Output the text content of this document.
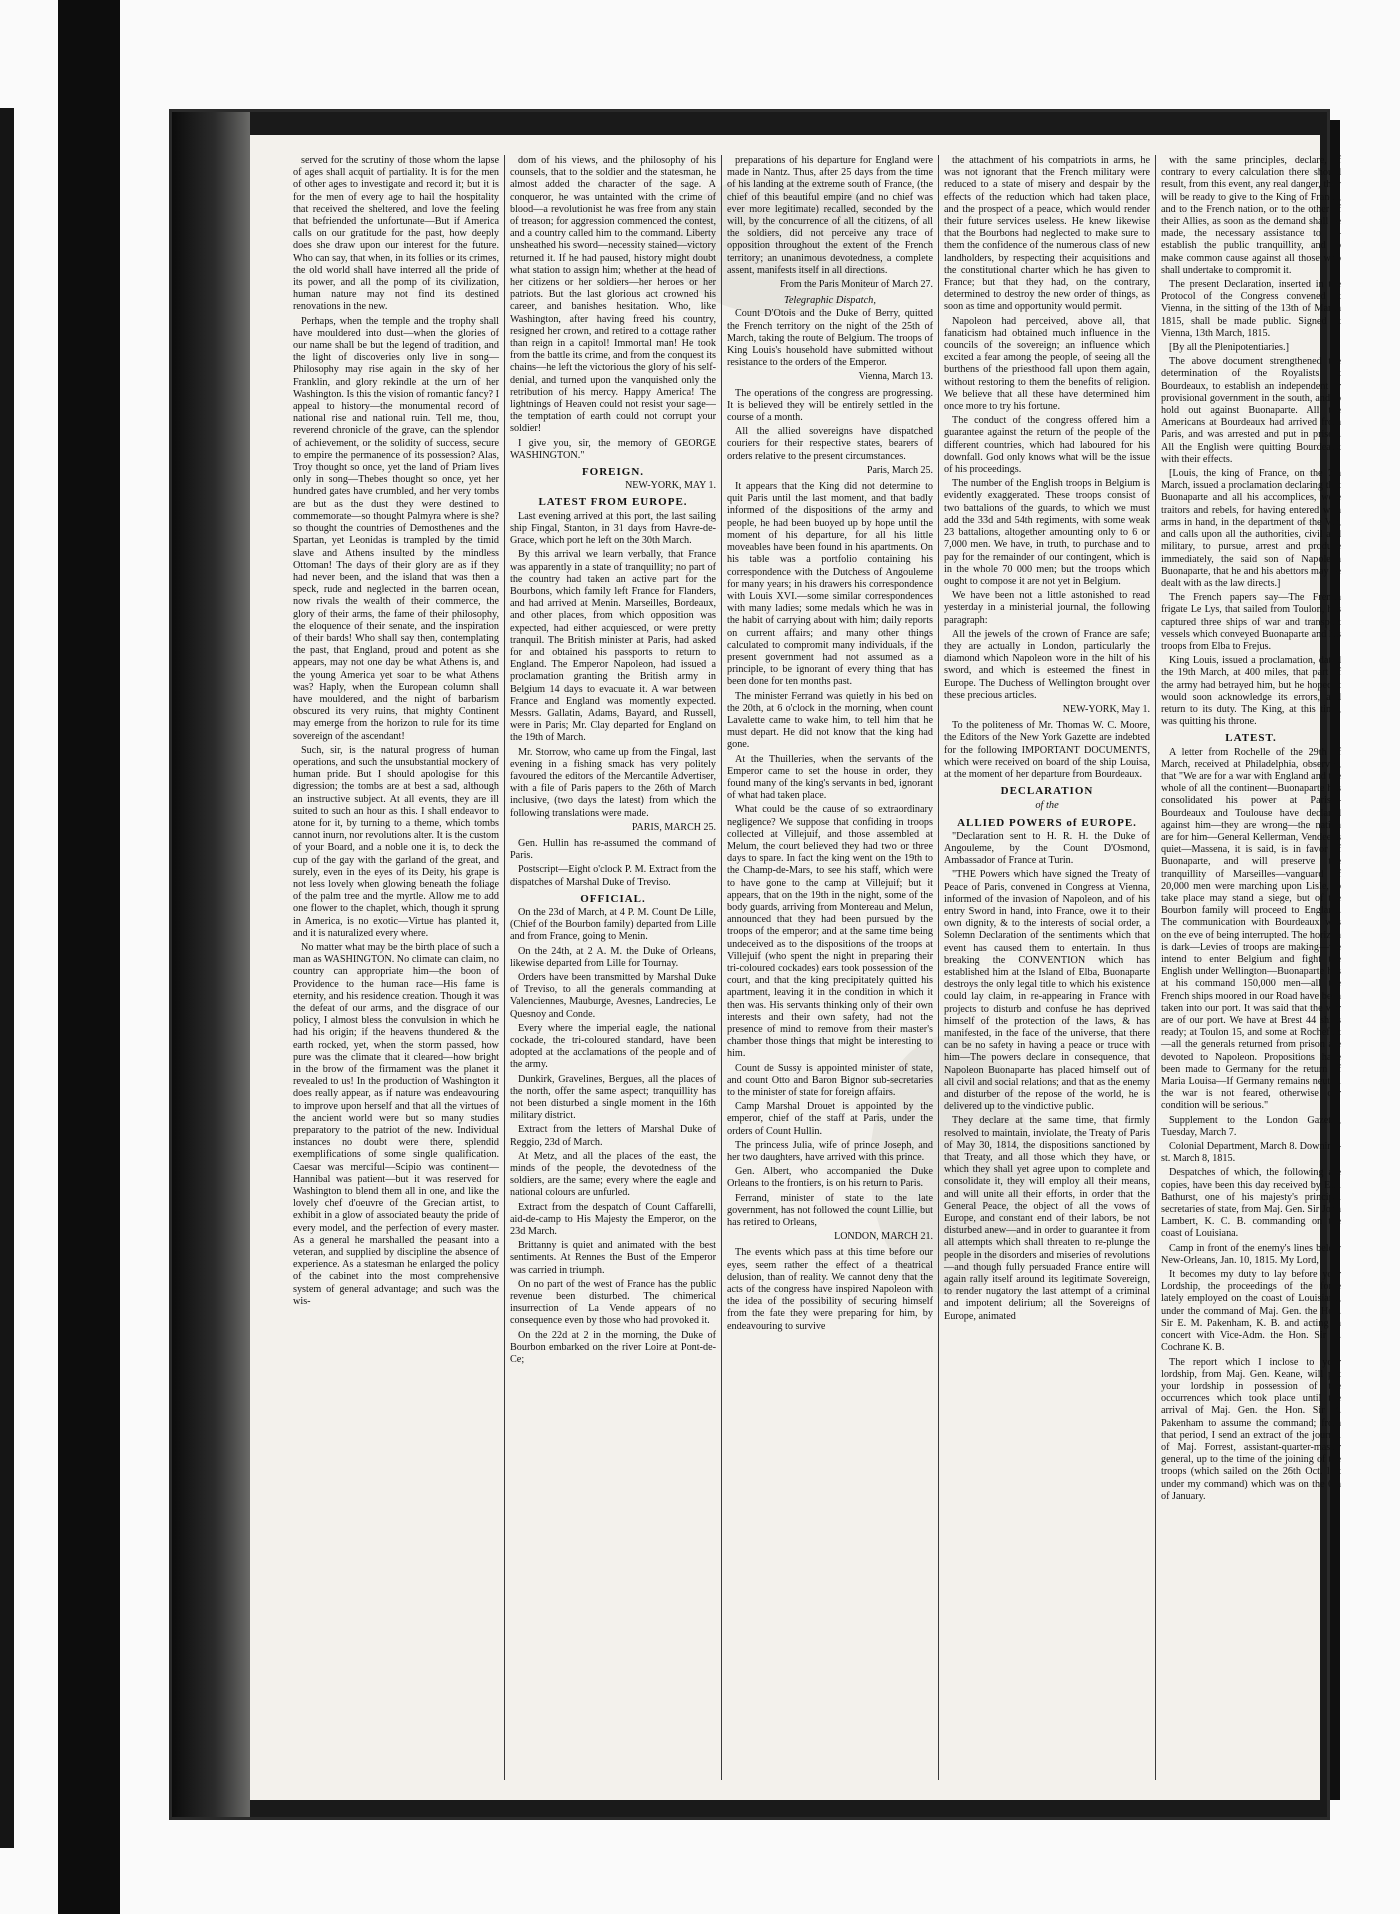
served for the scrutiny of those whom the lapse of ages shall acquit of partiality. It is for the men of other ages to investigate and record it; but it is for the men of every age to hail the hospitality that received the sheltered, and love the feeling that befriended the unfortunate—But if America calls on our gratitude for the past, how deeply does she draw upon our interest for the future. Who can say, that when, in its follies or its crimes, the old world shall have interred all the pride of its power, and all the pomp of its civilization, human nature may not find its destined renovations in the new.

Perhaps, when the temple and the trophy shall have mouldered into dust—when the glories of our name shall be but the legend of tradition, and the light of discoveries only live in song—Philosophy may rise again in the sky of her Franklin, and glory rekindle at the urn of her Washington. Is this the vision of romantic fancy? I appeal to history—the monumental record of national rise and national ruin. Tell me, thou, reverend chronicle of the grave, can the splendor of achievement, or the solidity of success, secure to empire the permanence of its possession? Alas, Troy thought so once, yet the land of Priam lives only in song—Thebes thought so once, yet her hundred gates have crumbled, and her very tombs are but as the dust they were destined to commemorate—so thought Palmyra where is she? so thought the countries of Demosthenes and the Spartan, yet Leonidas is trampled by the timid slave and Athens insulted by the mindless Ottoman! The days of their glory are as if they had never been, and the island that was then a speck, rude and neglected in the barren ocean, now rivals the wealth of their commerce, the glory of their arms, the fame of their philosophy, the eloquence of their senate, and the inspiration of their bards! Who shall say then, contemplating the past, that England, proud and potent as she appears, may not one day be what Athens is, and the young America yet soar to be what Athens was? Haply, when the European column shall have mouldered, and the night of barbarism obscured its very ruins, that mighty Continent may emerge from the horizon to rule for its time sovereign of the ascendant!

Such, sir, is the natural progress of human operations, and such the unsubstantial mockery of human pride. But I should apologise for this digression; the tombs are at best a sad, although an instructive subject. At all events, they are ill suited to such an hour as this. I shall endeavor to atone for it, by turning to a theme, which tombs cannot inurn, nor revolutions alter. It is the custom of your Board, and a noble one it is, to deck the cup of the gay with the garland of the great, and surely, even in the eyes of its Deity, his grape is not less lovely when glowing beneath the foliage of the palm tree and the myrtle. Allow me to add one flower to the chaplet, which, though it sprung in America, is no exotic—Virtue has planted it, and it is naturalized every where.

No matter what may be the birth place of such a man as WASHINGTON. No climate can claim, no country can appropriate him—the boon of Providence to the human race—His fame is eternity, and his residence creation. Though it was the defeat of our arms, and the disgrace of our policy, I almost bless the convulsion in which he had his origin; if the heavens thundered & the earth rocked, yet, when the storm passed, how pure was the climate that it cleared—how bright in the brow of the firmament was the planet it revealed to us! In the production of Washington it does really appear, as if nature was endeavouring to improve upon herself and that all the virtues of the ancient world were but so many studies preparatory to the patriot of the new. Individual instances no doubt were there, splendid exemplifications of some single qualification. Caesar was merciful—Scipio was continent—Hannibal was patient—but it was reserved for Washington to blend them all in one, and like the lovely chef d'oeuvre of the Grecian artist, to exhibit in a glow of associated beauty the pride of every model, and the perfection of every master. As a general he marshalled the peasant into a veteran, and supplied by discipline the absence of experience. As a statesman he enlarged the policy of the cabinet into the most comprehensive system of general advantage; and such was the wis-

dom of his views, and the philosophy of his counsels, that to the soldier and the statesman, he almost added the character of the sage. A conqueror, he was untainted with the crime of blood—a revolutionist he was free from any stain of treason; for aggression commenced the contest, and a country called him to the command. Liberty unsheathed his sword—necessity stained—victory returned it. If he had paused, history might doubt what station to assign him; whether at the head of her citizens or her soldiers—her heroes or her patriots. But the last glorious act crowned his career, and banishes hesitation. Who, like Washington, after having freed his country, resigned her crown, and retired to a cottage rather than reign in a capitol! Immortal man! He took from the battle its crime, and from the conquest its chains—he left the victorious the glory of his self-denial, and turned upon the vanquished only the retribution of his mercy. Happy America! The lightnings of Heaven could not resist your sage—the temptation of earth could not corrupt your soldier!

I give you, sir, the memory of GEORGE WASHINGTON."

FOREIGN.
NEW-YORK, MAY 1.
LATEST FROM EUROPE.

Last evening arrived at this port, the last sailing ship Fingal, Stanton, in 31 days from Havre-de-Grace, which port he left on the 30th March.

By this arrival we learn verbally, that France was apparently in a state of tranquillity; no part of the country had taken an active part for the Bourbons, which family left France for Flanders, and had arrived at Menin. Marseilles, Bordeaux, and other places, from which opposition was expected, had either acquiesced, or were pretty tranquil. The British minister at Paris, had asked for and obtained his passports to return to England. The Emperor Napoleon, had issued a proclamation granting the British army in Belgium 14 days to evacuate it. A war between France and England was momently expected. Messrs. Gallatin, Adams, Bayard, and Russell, were in Paris; Mr. Clay departed for England on the 19th of March.

Mr. Storrow, who came up from the Fingal, last evening in a fishing smack has very politely favoured the editors of the Mercantile Advertiser, with a file of Paris papers to the 26th of March inclusive, (two days the latest) from which the following translations were made.

PARIS, MARCH 25.

Gen. Hullin has re-assumed the command of Paris.

Postscript—Eight o'clock P. M. Extract from the dispatches of Marshal Duke of Treviso.

OFFICIAL.

On the 23d of March, at 4 P. M. Count De Lille, (Chief of the Bourbon family) departed from Lille and from France, going to Menin.

On the 24th, at 2 A. M. the Duke of Orleans, likewise departed from Lille for Tournay.

Orders have been transmitted by Marshal Duke of Treviso, to all the generals commanding at Valenciennes, Mauburge, Avesnes, Landrecies, Le Quesnoy and Conde.

Every where the imperial eagle, the national cockade, the tri-coloured standard, have been adopted at the acclamations of the people and of the army.

Dunkirk, Gravelines, Bergues, all the places of the north, offer the same aspect; tranquillity has not been disturbed a single moment in the 16th military district.

Extract from the letters of Marshal Duke of Reggio, 23d of March.

At Metz, and all the places of the east, the minds of the people, the devotedness of the soldiers, are the same; every where the eagle and national colours are unfurled.

Extract from the despatch of Count Caffarelli, aid-de-camp to His Majesty the Emperor, on the 23d March.

Brittanny is quiet and animated with the best sentiments. At Rennes the Bust of the Emperor was carried in triumph.

On no part of the west of France has the public revenue been disturbed. The chimerical insurrection of La Vende appears of no consequence even by those who had provoked it.

On the 22d at 2 in the morning, the Duke of Bourbon embarked on the river Loire at Pont-de-Ce;

preparations of his departure for England were made in Nantz. Thus, after 25 days from the time of his landing at the extreme south of France, (the chief of this beautiful empire (and no chief was ever more legitimate) recalled, seconded by the will, by the concurrence of all the citizens, of all the soldiers, did not perceive any trace of opposition throughout the extent of the French territory; an unanimous devotedness, a complete assent, manifests itself in all directions.

From the Paris Moniteur of March 27.
Telegraphic Dispatch,

Count D'Otois and the Duke of Berry, quitted the French territory on the night of the 25th of March, taking the route of Belgium. The troops of King Louis's household have submitted without resistance to the orders of the Emperor.

Vienna, March 13.

The operations of the congress are progressing. It is believed they will be entirely settled in the course of a month.

All the allied sovereigns have dispatched couriers for their respective states, bearers of orders relative to the present circumstances.

Paris, March 25.

It appears that the King did not determine to quit Paris until the last moment, and that badly informed of the dispositions of the army and people, he had been buoyed up by hope until the moment of his departure, for all his little moveables have been found in his apartments. On his table was a portfolio containing his correspondence with the Dutchess of Angouleme for many years; in his drawers his correspondence with Louis XVI.—some similar correspondences with many ladies; some medals which he was in the habit of carrying about with him; daily reports on current affairs; and many other things calculated to compromit many individuals, if the present government had not assumed as a principle, to be ignorant of every thing that has been done for ten months past.

The minister Ferrand was quietly in his bed on the 20th, at 6 o'clock in the morning, when count Lavalette came to wake him, to tell him that he must depart. He did not know that the king had gone.

At the Thuilleries, when the servants of the Emperor came to set the house in order, they found many of the king's servants in bed, ignorant of what had taken place.

What could be the cause of so extraordinary negligence? We suppose that confiding in troops collected at Villejuif, and those assembled at Melum, the court believed they had two or three days to spare. In fact the king went on the 19th to the Champ-de-Mars, to see his staff, which were to have gone to the camp at Villejuif; but it appears, that on the 19th in the night, some of the body guards, arriving from Montereau and Melun, announced that they had been pursued by the troops of the emperor; and at the same time being undeceived as to the dispositions of the troops at Villejuif (who spent the night in preparing their tri-coloured cockades) ears took possession of the court, and that the king precipitately quitted his apartment, leaving it in the condition in which it then was. His servants thinking only of their own interests and their own safety, had not the presence of mind to remove from their master's chamber those things that might be interesting to him.

Count de Sussy is appointed minister of state, and count Otto and Baron Bignor sub-secretaries to the minister of state for foreign affairs.

Camp Marshal Drouet is appointed by the emperor, chief of the staff at Paris, under the orders of Count Hullin.

The princess Julia, wife of prince Joseph, and her two daughters, have arrived with this prince.

Gen. Albert, who accompanied the Duke Orleans to the frontiers, is on his return to Paris.

Ferrand, minister of state to the late government, has not followed the count Lillie, but has retired to Orleans,

LONDON, MARCH 21.

The events which pass at this time before our eyes, seem rather the effect of a theatrical delusion, than of reality. We cannot deny that the acts of the congress have inspired Napoleon with the idea of the possibility of securing himself from the fate they were preparing for him, by endeavouring to survive

the attachment of his compatriots in arms, he was not ignorant that the French military were reduced to a state of misery and despair by the effects of the reduction which had taken place, and the prospect of a peace, which would render their future services useless. He knew likewise that the Bourbons had neglected to make sure to them the confidence of the numerous class of new landholders, by respecting their acquisitions and the constitutional charter which he has given to France; but that they had, on the contrary, determined to destroy the new order of things, as soon as time and opportunity would permit.

Napoleon had perceived, above all, that fanaticism had obtained much influence in the councils of the sovereign; an influence which excited a fear among the people, of seeing all the burthens of the priesthood fall upon them again, without restoring to them the benefits of religion. We believe that all these have determined him once more to try his fortune.

The conduct of the congress offered him a guarantee against the return of the people of the different countries, which had laboured for his downfall. God only knows what will be the issue of his proceedings.

The number of the English troops in Belgium is evidently exaggerated. These troops consist of two battalions of the guards, to which we must add the 33d and 54th regiments, with some weak 23 battalions, altogether amounting only to 6 or 7,000 men. We have, in truth, to purchase and to pay for the remainder of our contingent, which is in the whole 70 000 men; but the troops which ought to compose it are not yet in Belgium.

We have been not a little astonished to read yesterday in a ministerial journal, the following paragraph:

All the jewels of the crown of France are safe; they are actually in London, particularly the diamond which Napoleon wore in the hilt of his sword, and which is esteemed the finest in Europe. The Duchess of Wellington brought over these precious articles.

NEW-YORK, May 1.

To the politeness of Mr. Thomas W. C. Moore, the Editors of the New York Gazette are indebted for the following IMPORTANT DOCUMENTS, which were received on board of the ship Louisa, at the moment of her departure from Bourdeaux.

DECLARATION
of the
ALLIED POWERS of EUROPE.

"Declaration sent to H. R. H. the Duke of Angouleme, by the Count D'Osmond, Ambassador of France at Turin.

"THE Powers which have signed the Treaty of Peace of Paris, convened in Congress at Vienna, informed of the invasion of Napoleon, and of his entry Sword in hand, into France, owe it to their own dignity, & to the interests of social order, a Solemn Declaration of the sentiments which that event has caused them to entertain. In thus breaking the CONVENTION which has established him at the Island of Elba, Buonaparte destroys the only legal title to which his existence could lay claim, in re-appearing in France with projects to disturb and confuse he has deprived himself of the protection of the laws, & has manifested, in the face of the universe, that there can be no safety in having a peace or truce with him—The powers declare in consequence, that Napoleon Buonaparte has placed himself out of all civil and social relations; and that as the enemy and disturber of the repose of the world, he is delivered up to the vindictive public.

They declare at the same time, that firmly resolved to maintain, inviolate, the Treaty of Paris of May 30, 1814, the dispositions sanctioned by that Treaty, and all those which they have, or which they shall yet agree upon to complete and consolidate it, they will employ all their means, and will unite all their efforts, in order that the General Peace, the object of all the vows of Europe, and constant end of their labors, be not disturbed anew—and in order to guarantee it from all attempts which shall threaten to re-plunge the people in the disorders and miseries of revolutions—and though fully persuaded France entire will again rally itself around its legitimate Sovereign, to render nugatory the last attempt of a criminal and impotent delirium; all the Sovereigns of Europe, animated

with the same principles, declare, if contrary to every calculation there should result, from this event, any real danger, they will be ready to give to the King of France, and to the French nation, or to the other of their Allies, as soon as the demand shall be made, the necessary assistance to re-establish the public tranquillity, and to make common cause against all those who shall undertake to compromit it.

The present Declaration, inserted in the Protocol of the Congress convened at Vienna, in the sitting of the 13th of March 1815, shall be made public. Signed at Vienna, 13th March, 1815.

[By all the Plenipotentiaries.]

The above document strengthened the determination of the Royalists at Bourdeaux, to establish an independent or provisional government in the south, and to hold out against Buonaparte. All the Americans at Bourdeaux had arrived from Paris, and was arrested and put in prison. All the English were quitting Bourdeaux with their effects.

[Louis, the king of France, on the 7th March, issued a proclamation declaring that Buonaparte and all his accomplices, were traitors and rebels, for having entered with arms in hand, in the department of the Var, and calls upon all the authorities, civil and military, to pursue, arrest and produce immediately, the said son of Napoleon Buonaparte, that he and his abettors may be dealt with as the law directs.]

The French papers say—The French frigate Le Lys, that sailed from Toulon, has captured three ships of war and transport vessels which conveyed Buonaparte and his troops from Elba to Frejus.

King Louis, issued a proclamation, dated the 19th March, at 400 miles, that part of the army had betrayed him, but he hoped it would soon acknowledge its errors, and return to its duty. The King, at this time, was quitting his throne.

LATEST.

A letter from Rochelle of the 29th of March, received at Philadelphia, observes, that "We are for a war with England and the whole of all the continent—Buonaparte has consolidated his power at Paris—Bourdeaux and Toulouse have declared against him—they are wrong—the nation are for him—General Kellerman, Vendee is quiet—Massena, it is said, is in favor of Buonaparte, and will preserve the tranquillity of Marseilles—vanguard of 20,000 men were marching upon Lisle, to take place may stand a siege, but of the Bourbon family will proceed to England. The communication with Bourdeaux was on the eve of being interrupted. The horizon is dark—Levies of troops are making—we intend to enter Belgium and fight the English under Wellington—Buonaparte has at his command 150,000 men—all the French ships moored in our Road have been taken into our port. It was said that the war are of our port. We have at Brest 44 ships ready; at Toulon 15, and some at Rochefort—all the generals returned from prison are devoted to Napoleon. Propositions have been made to Germany for the return of Maria Louisa—If Germany remains neutral the war is not feared, otherwise our condition will be serious."

Supplement to the London Gazette, Tuesday, March 7.

Colonial Department, March 8. Downing-st. March 8, 1815.

Despatches of which, the following are copies, have been this day received by Earl Bathurst, one of his majesty's principal secretaries of state, from Maj. Gen. Sir John Lambert, K. C. B. commanding on the coast of Louisiana.

Camp in front of the enemy's lines below New-Orleans, Jan. 10, 1815. My Lord,

It becomes my duty to lay before your Lordship, the proceedings of the force lately employed on the coast of Louisiana, under the command of Maj. Gen. the Hon. Sir E. M. Pakenham, K. B. and acting in concert with Vice-Adm. the Hon. Sir A. Cochrane K. B.

The report which I inclose to your lordship, from Maj. Gen. Keane, will put your lordship in possession of the occurrences which took place until the arrival of Maj. Gen. the Hon. Sir E. Pakenham to assume the command; from that period, I send an extract of the journal of Maj. Forrest, assistant-quarter-master general, up to the time of the joining of the troops (which sailed on the 26th Oct. last under my command) which was on the 6th of January.
